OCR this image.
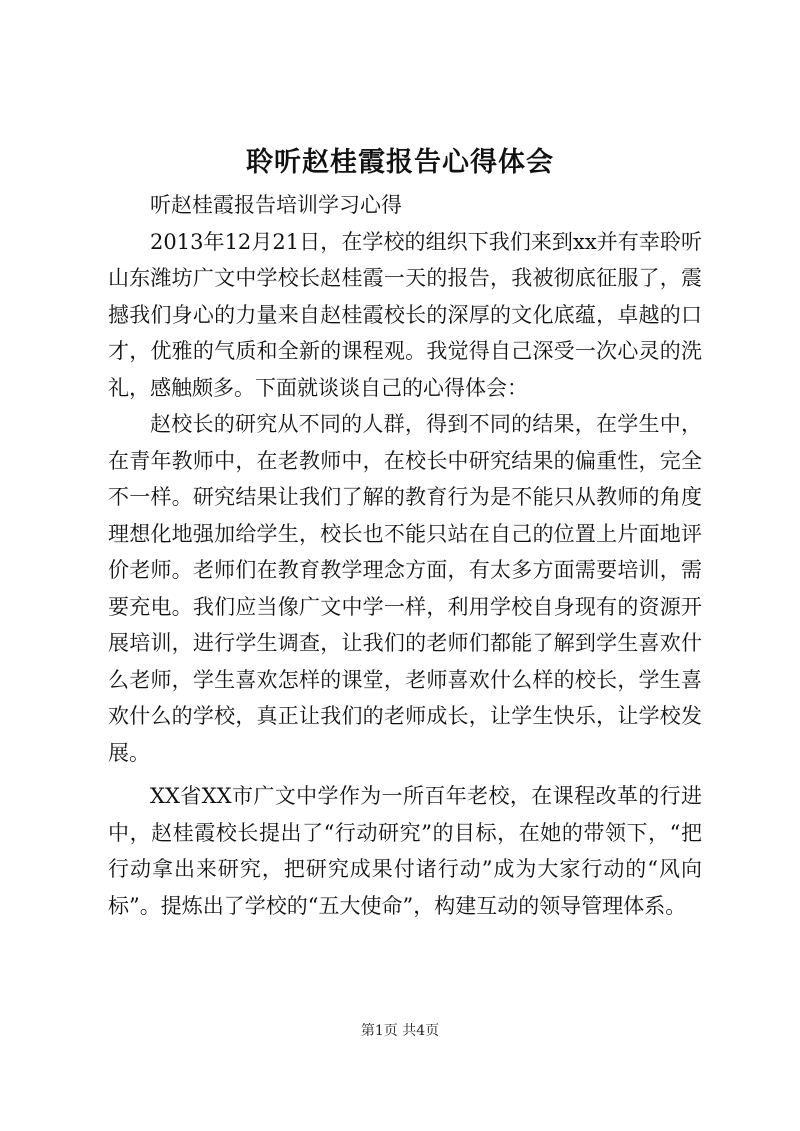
聆听赵桂霞报告心得体会

听赵桂霞报告培训学习心得

2013年12月21日，在学校的组织下我们来到xx并有幸聆听山东潍坊广文中学校长赵桂霞一天的报告，我被彻底征服了，震撼我们身心的力量来自赵桂霞校长的深厚的文化底蕴，卓越的口才，优雅的气质和全新的课程观。我觉得自己深受一次心灵的洗礼，感触颇多。下面就谈谈自己的心得体会：

赵校长的研究从不同的人群，得到不同的结果，在学生中，在青年教师中，在老教师中，在校长中研究结果的偏重性，完全不一样。研究结果让我们了解的教育行为是不能只从教师的角度理想化地强加给学生，校长也不能只站在自己的位置上片面地评价老师。老师们在教育教学理念方面，有太多方面需要培训，需要充电。我们应当像广文中学一样，利用学校自身现有的资源开展培训，进行学生调查，让我们的老师们都能了解到学生喜欢什么老师，学生喜欢怎样的课堂，老师喜欢什么样的校长，学生喜欢什么的学校，真正让我们的老师成长，让学生快乐，让学校发展。

XX省XX市广文中学作为一所百年老校，在课程改革的行进中，赵桂霞校长提出了“行动研究”的目标，在她的带领下，“把行动拿出来研究，把研究成果付诸行动”成为大家行动的“风向标”。提炼出了学校的“五大使命”，构建互动的领导管理体系。

第1页 共4页
